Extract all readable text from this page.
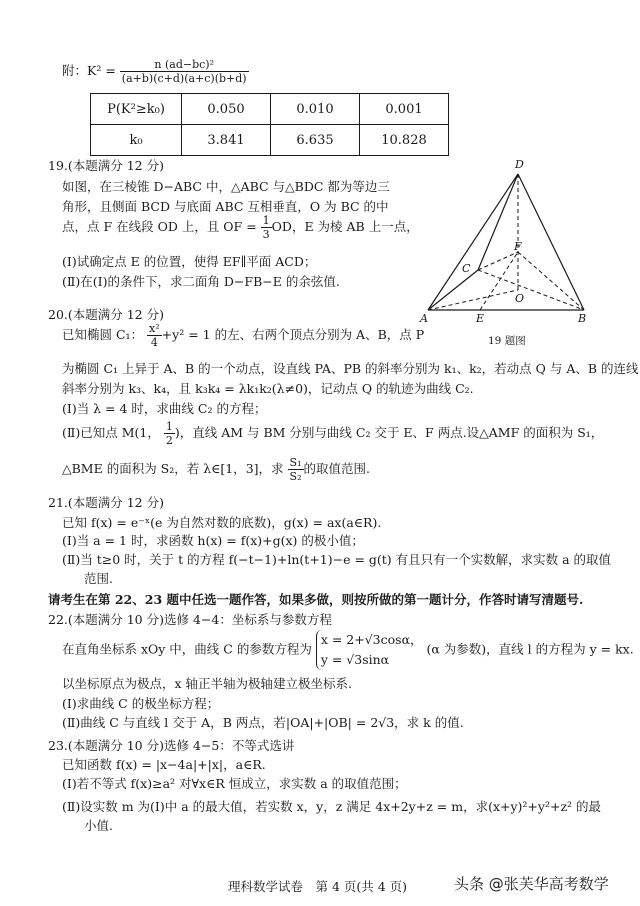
附：$K^2 = \frac{\text{n (ad−bc)²}}{(a+b)(c+d)(a+c)(b+d)}$
P(K²≥k₀)	0.050	0.010	0.001
k₀	3.841	6.635	10.828
19.(本题满分 12 分)
如图，在三棱锥 D−ABC 中，△ABC 与△BDC 都为等边三
角形，且侧面 BCD 与底面 ABC 互相垂直，O 为 BC 的中
点，点 F 在线段 OD 上，且 OF = $\frac{1}{3}$ OD，E 为棱 AB 上一点，
(Ⅰ)试确定点 E 的位置，使得 EF∥平面 ACD；
(Ⅱ)在(Ⅰ)的条件下，求二面角 D−FB−E 的余弦值.
D
A	B
C
E
F
O
19 题图
20.(本题满分 12 分)
已知椭圆 C₁： $\frac{\text{x²}}{4} +y^2 = 1$ 的左、右两个顶点分别为 A、B，点 P
为椭圆 C₁ 上异于 A、B 的一个动点，设直线 PA、PB 的斜率分别为 k₁、k₂，若动点 Q 与 A、B 的连线
斜率分别为 k₃、k₄，且 k₃k₄ = λk₁k₂(λ≠0)，记动点 Q 的轨迹为曲线 C₂.
(Ⅰ)当 λ = 4 时，求曲线 C₂ 的方程；
(Ⅱ)已知点 M(1， $\frac{1}{2}$ )，直线 AM 与 BM 分别与曲线 C₂ 交于 E、F 两点.设△AMF 的面积为 S₁，
△BME 的面积为 S₂，若 λ∈[1，3]，求 $\frac{\text{S₁}}{\text{S₂}}$ 的取值范围.
21.(本题满分 12 分)
已知 f(x) = e⁻ˣ(e 为自然对数的底数)，g(x) = ax(a∈R).
(Ⅰ)当 a = 1 时，求函数 h(x) = f(x)+g(x) 的极小值；
(Ⅱ)当 t≥0 时，关于 t 的方程 f(−t−1)+ln(t+1)−e = g(t) 有且只有一个实数解，求实数 a 的取值
范围.
请考生在第 22、23 题中任选一题作答，如果多做，则按所做的第一题计分，作答时请写清题号.
22.(本题满分 10 分)选修 4−4：坐标系与参数方程
在直角坐标系 xOy 中，曲线 C 的参数方程为
x = 2+√3cosα，
y = √3sinα
(α 为参数)，直线 l 的方程为 y = kx.
以坐标原点为极点，x 轴正半轴为极轴建立极坐标系.
(Ⅰ)求曲线 C 的极坐标方程；
(Ⅱ)曲线 C 与直线 l 交于 A，B 两点，若|OA|+|OB| = 2√3，求 k 的值.
23.(本题满分 10 分)选修 4−5：不等式选讲
已知函数 f(x) = |x−4a|+|x|，a∈R.
(Ⅰ)若不等式 f(x)≥a² 对∀x∈R 恒成立，求实数 a 的取值范围；
(Ⅱ)设实数 m 为(Ⅰ)中 a 的最大值，若实数 x，y，z 满足 4x+2y+z = m，求(x+y)²+y²+z² 的最
小值.
理科数学试卷　第 4 页(共 4 页)	头条 @张芙华高考数学
